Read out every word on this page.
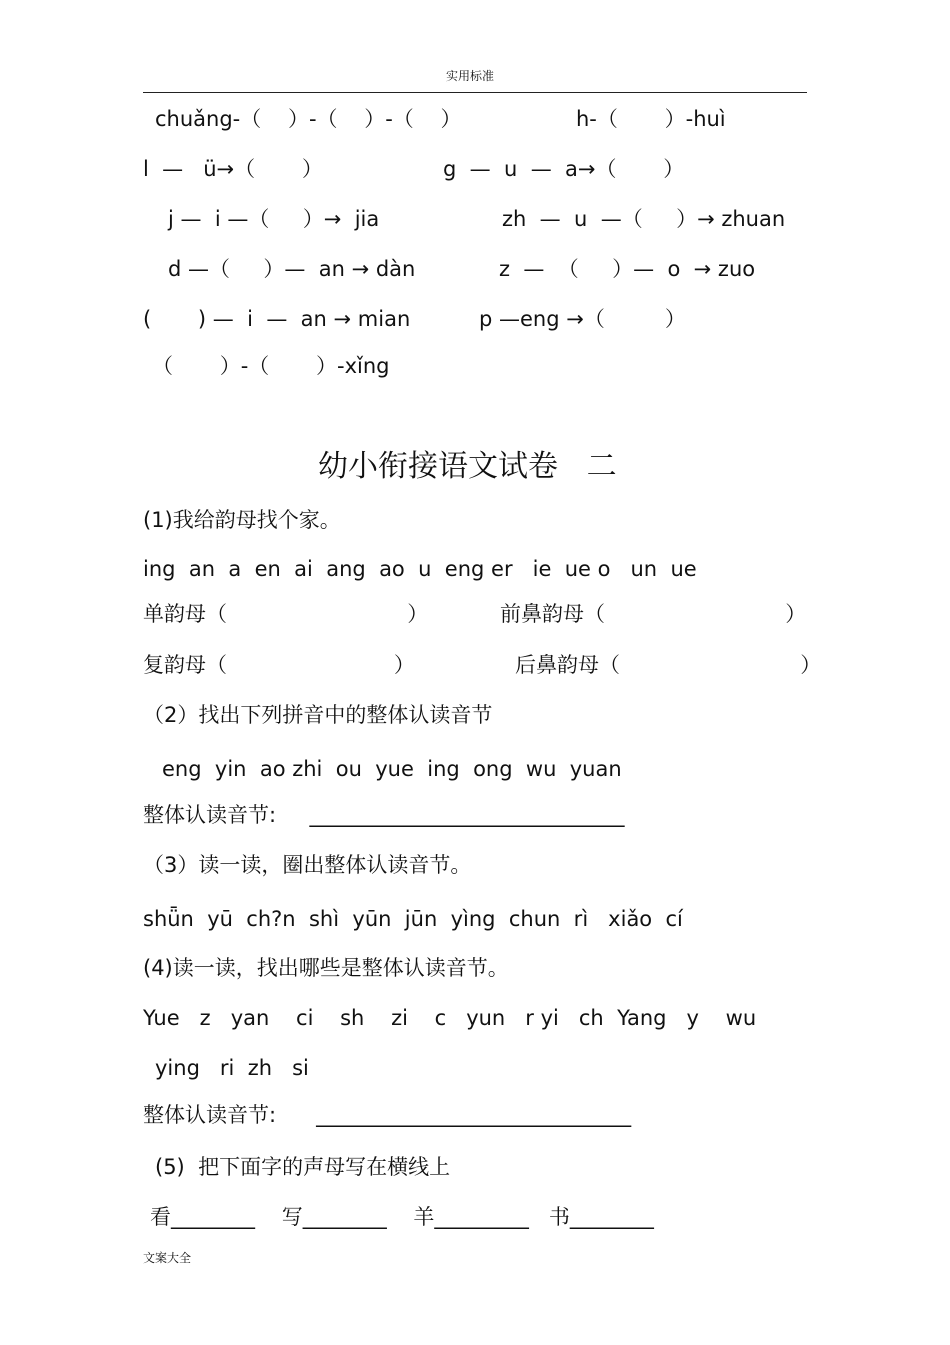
实用标准
chuǎng-（    ）-（    ）-（    ）	h-（       ）-huì
l  —   ü→（       ）	g  —  u  —  a→（       ）
j —  i —（     ）→  jia	zh  —  u  —（     ）→ zhuan
d —（     ）—  an → dàn	z  —  （     ）—  o  → zuo
(       ) —  i  —  an → mian	p —eng →（         ）
（       ）-（       ）-xǐng
幼小衔接语文试卷   二
(1)我给韵母找个家。
ing  an  a  en  ai  ang  ao  u  eng er   ie  ue o   un  ue
单韵母（                           ）	前鼻韵母（                           ）
复韵母（                         ）	后鼻韵母（                           ）
（2）找出下列拼音中的整体认读音节
eng  yin  ao zhi  ou  yue  ing  ong  wu  yuan
整体认读音节:     ______________________________
（3）读一读，圈出整体认读音节。
shǖn  yū  ch?n  shì  yūn  jūn  yìng  chun  rì   xiǎo  cí
(4)读一读，找出哪些是整体认读音节。
Yue   z   yan    ci    sh    zi    c   yun   r yi   ch  Yang   y    wu
ying   ri  zh   si
整体认读音节:      ______________________________
(5)  把下面字的声母写在横线上
看________    写________    羊_________   书________
文案大全
